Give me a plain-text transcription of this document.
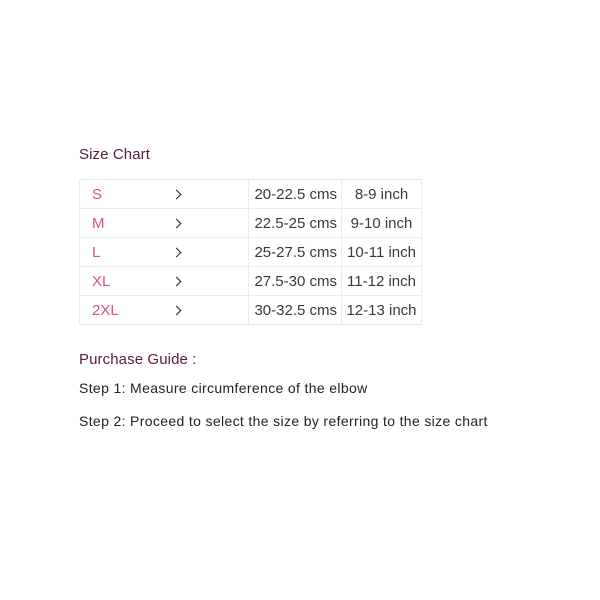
Size Chart
S		20-22.5 cms	8-9 inch
M		22.5-25 cms	9-10 inch
L		25-27.5 cms	10-11 inch
XL		27.5-30 cms	11-12 inch
2XL		30-32.5 cms	12-13 inch
Purchase Guide :
Step 1: Measure circumference of the elbow
Step 2: Proceed to select the size by referring to the size chart
